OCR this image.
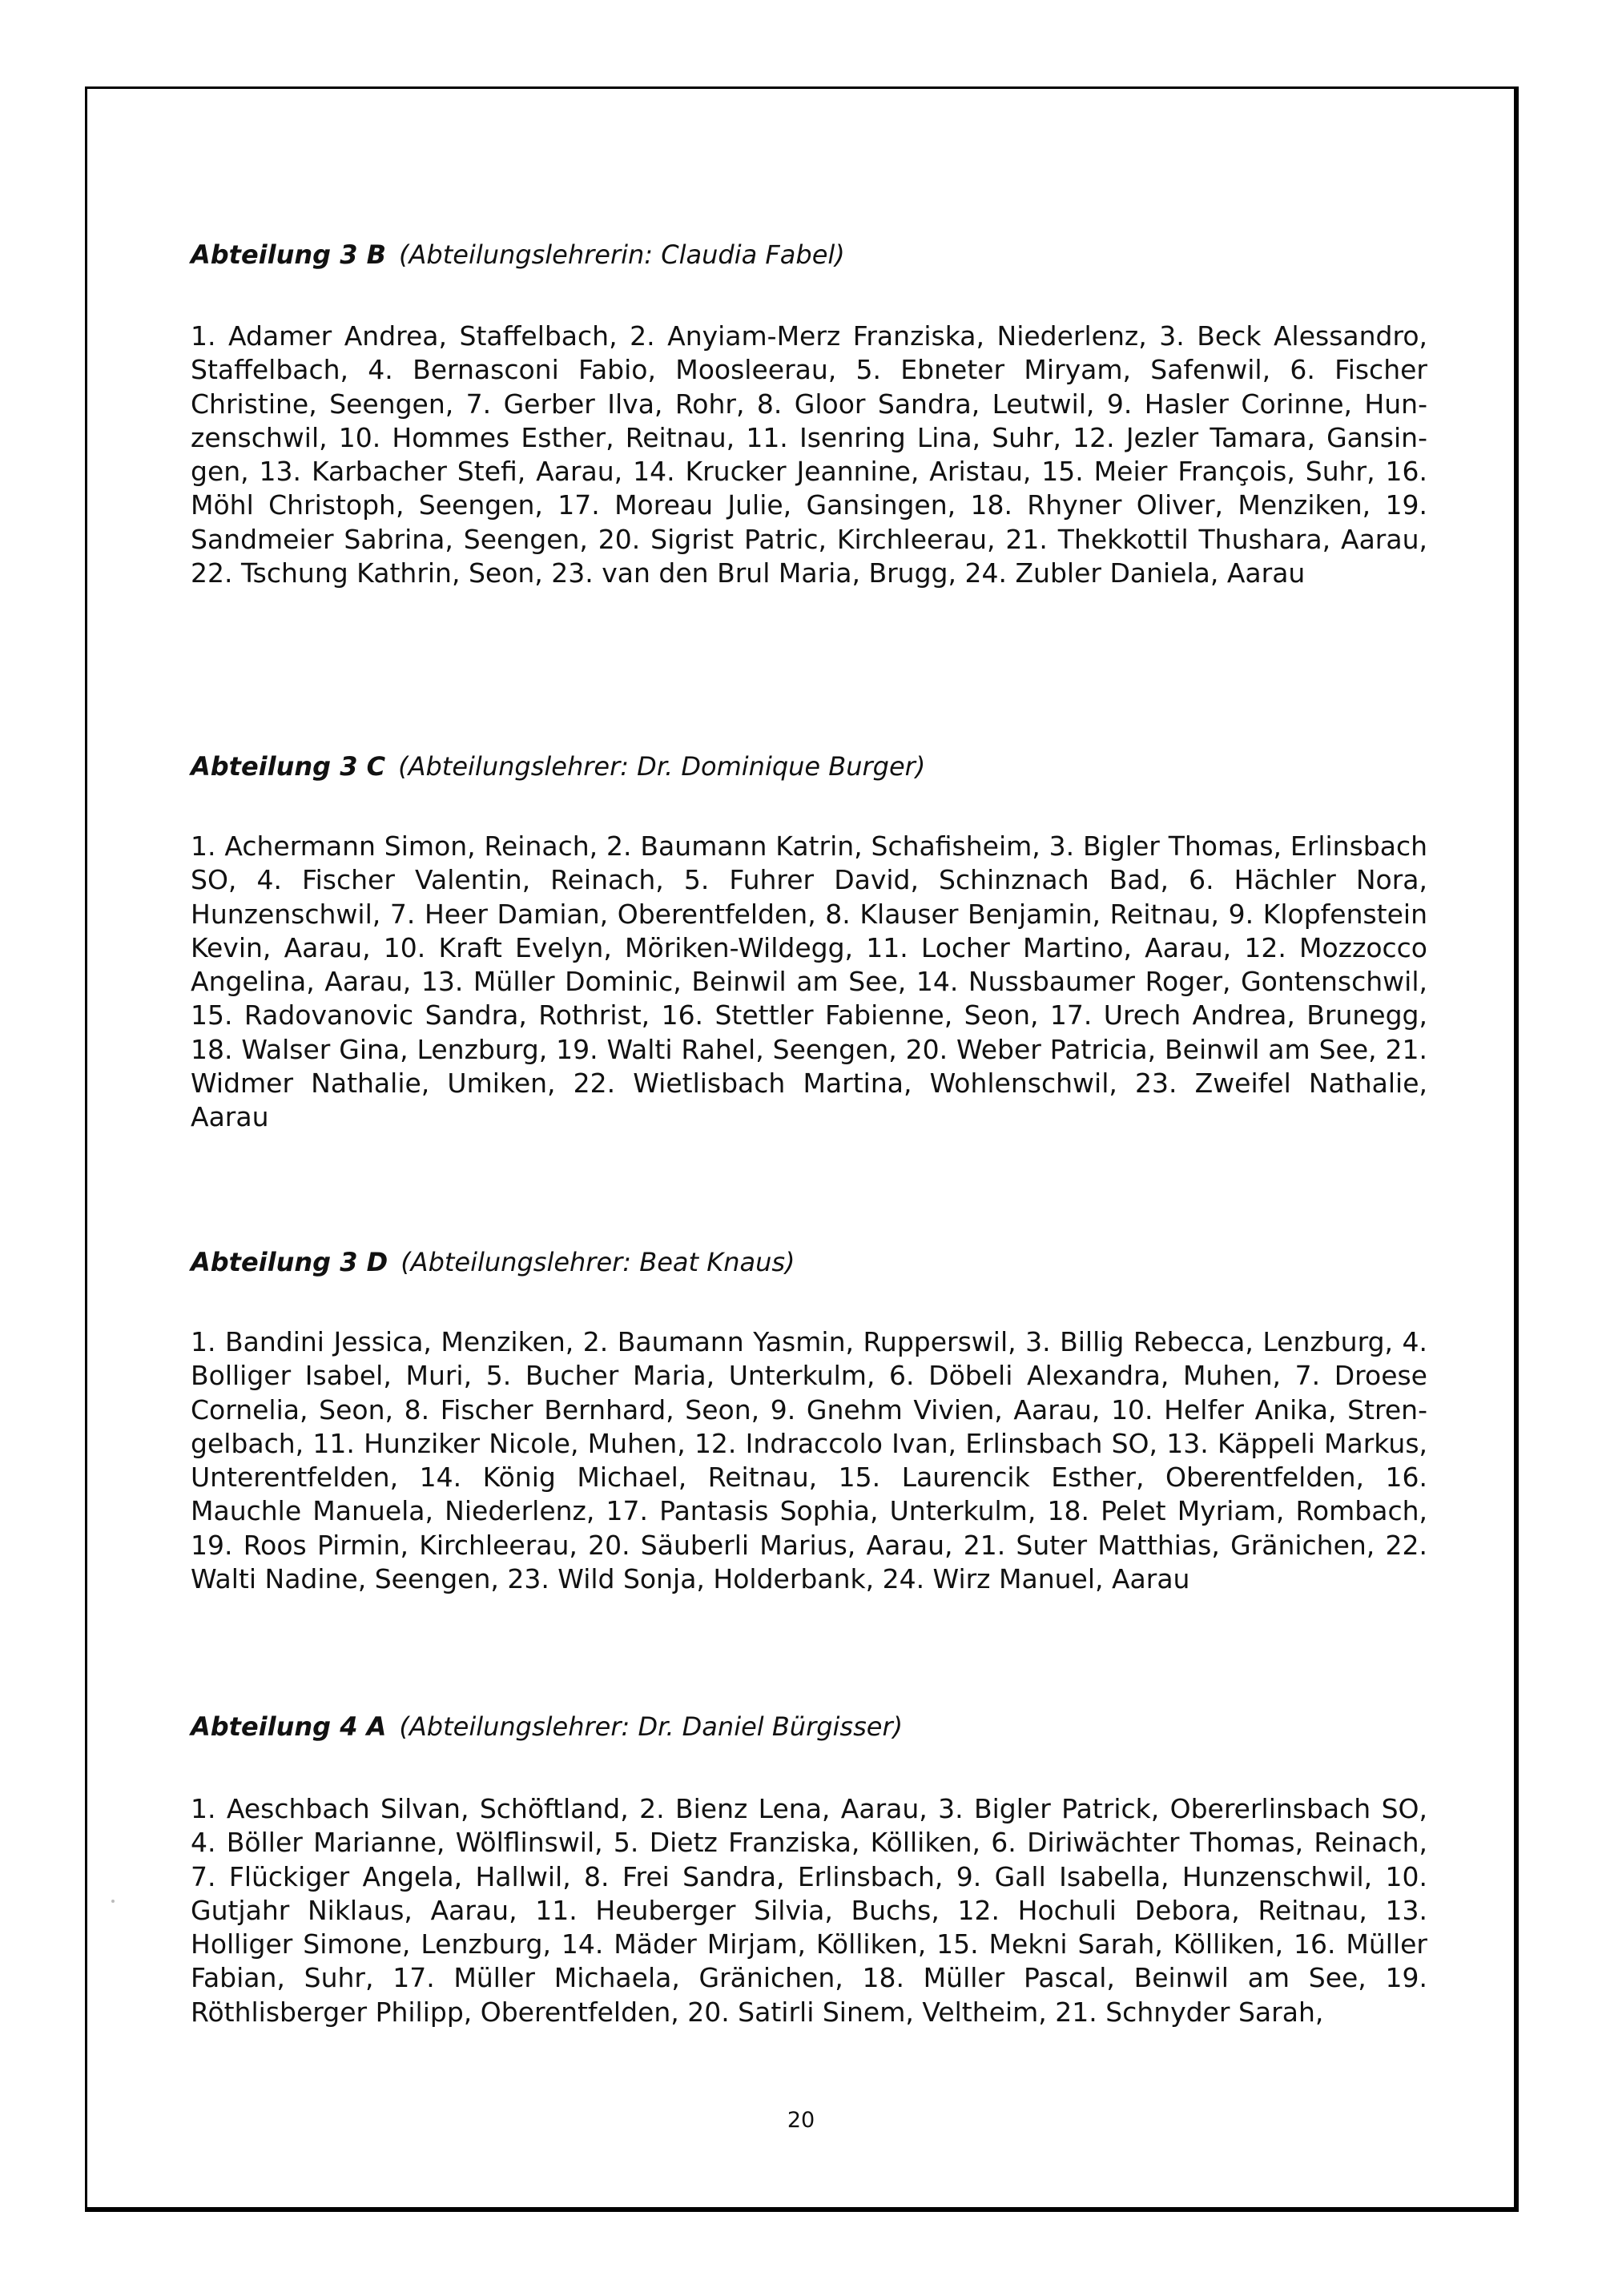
Abteilung 3 B (Abteilungslehrerin: Claudia Fabel)

1. Adamer Andrea, Staffelbach, 2. Anyiam-Merz Franziska, Niederlenz, 3. Beck Alessandro, Staffelbach, 4. Bernasconi Fabio, Moosleerau, 5. Ebneter Miryam, Safenwil, 6. Fischer Christine, Seengen, 7. Gerber Ilva, Rohr, 8. Gloor Sandra, Leutwil, 9. Hasler Corinne, Hunzenschwil, 10. Hommes Esther, Reitnau, 11. Isenring Lina, Suhr, 12. Jezler Tamara, Gansingen, 13. Karbacher Stefi, Aarau, 14. Krucker Jeannine, Aristau, 15. Meier François, Suhr, 16. Möhl Christoph, Seengen, 17. Moreau Julie, Gansingen, 18. Rhyner Oliver, Menziken, 19. Sandmeier Sabrina, Seengen, 20. Sigrist Patric, Kirchleerau, 21. Thekkottil Thushara, Aarau, 22. Tschung Kathrin, Seon, 23. van den Brul Maria, Brugg, 24. Zubler Daniela, Aarau

Abteilung 3 C (Abteilungslehrer: Dr. Dominique Burger)

1. Achermann Simon, Reinach, 2. Baumann Katrin, Schafisheim, 3. Bigler Thomas, Erlinsbach SO, 4. Fischer Valentin, Reinach, 5. Fuhrer David, Schinznach Bad, 6. Hächler Nora, Hunzenschwil, 7. Heer Damian, Oberentfelden, 8. Klauser Benjamin, Reitnau, 9. Klopfenstein Kevin, Aarau, 10. Kraft Evelyn, Möriken-Wildegg, 11. Locher Martino, Aarau, 12. Mozzocco Angelina, Aarau, 13. Müller Dominic, Beinwil am See, 14. Nussbaumer Roger, Gontenschwil, 15. Radovanovic Sandra, Rothrist, 16. Stettler Fabienne, Seon, 17. Urech Andrea, Brunegg, 18. Walser Gina, Lenzburg, 19. Walti Rahel, Seengen, 20. Weber Patricia, Beinwil am See, 21. Widmer Nathalie, Umiken, 22. Wietlisbach Martina, Wohlenschwil, 23. Zweifel Nathalie, Aarau

Abteilung 3 D (Abteilungslehrer: Beat Knaus)

1. Bandini Jessica, Menziken, 2. Baumann Yasmin, Rupperswil, 3. Billig Rebecca, Lenzburg, 4. Bolliger Isabel, Muri, 5. Bucher Maria, Unterkulm, 6. Döbeli Alexandra, Muhen, 7. Droese Cornelia, Seon, 8. Fischer Bernhard, Seon, 9. Gnehm Vivien, Aarau, 10. Helfer Anika, Strengelbach, 11. Hunziker Nicole, Muhen, 12. Indraccolo Ivan, Erlinsbach SO, 13. Käppeli Markus, Unterentfelden, 14. König Michael, Reitnau, 15. Laurencik Esther, Oberentfelden, 16. Mauchle Manuela, Niederlenz, 17. Pantasis Sophia, Unterkulm, 18. Pelet Myriam, Rombach, 19. Roos Pirmin, Kirchleerau, 20. Säuberli Marius, Aarau, 21. Suter Matthias, Gränichen, 22. Walti Nadine, Seengen, 23. Wild Sonja, Holderbank, 24. Wirz Manuel, Aarau

Abteilung 4 A (Abteilungslehrer: Dr. Daniel Bürgisser)

1. Aeschbach Silvan, Schöftland, 2. Bienz Lena, Aarau, 3. Bigler Patrick, Obererlinsbach SO, 4. Böller Marianne, Wölflinswil, 5. Dietz Franziska, Kölliken, 6. Diriwächter Thomas, Reinach, 7. Flückiger Angela, Hallwil, 8. Frei Sandra, Erlinsbach, 9. Gall Isabella, Hunzenschwil, 10. Gutjahr Niklaus, Aarau, 11. Heuberger Silvia, Buchs, 12. Hochuli Debora, Reitnau, 13. Holliger Simone, Lenzburg, 14. Mäder Mirjam, Kölliken, 15. Mekni Sarah, Kölliken, 16. Müller Fabian, Suhr, 17. Müller Michaela, Gränichen, 18. Müller Pascal, Beinwil am See, 19. Röthlisberger Philipp, Oberentfelden, 20. Satirli Sinem, Veltheim, 21. Schnyder Sarah,

20
